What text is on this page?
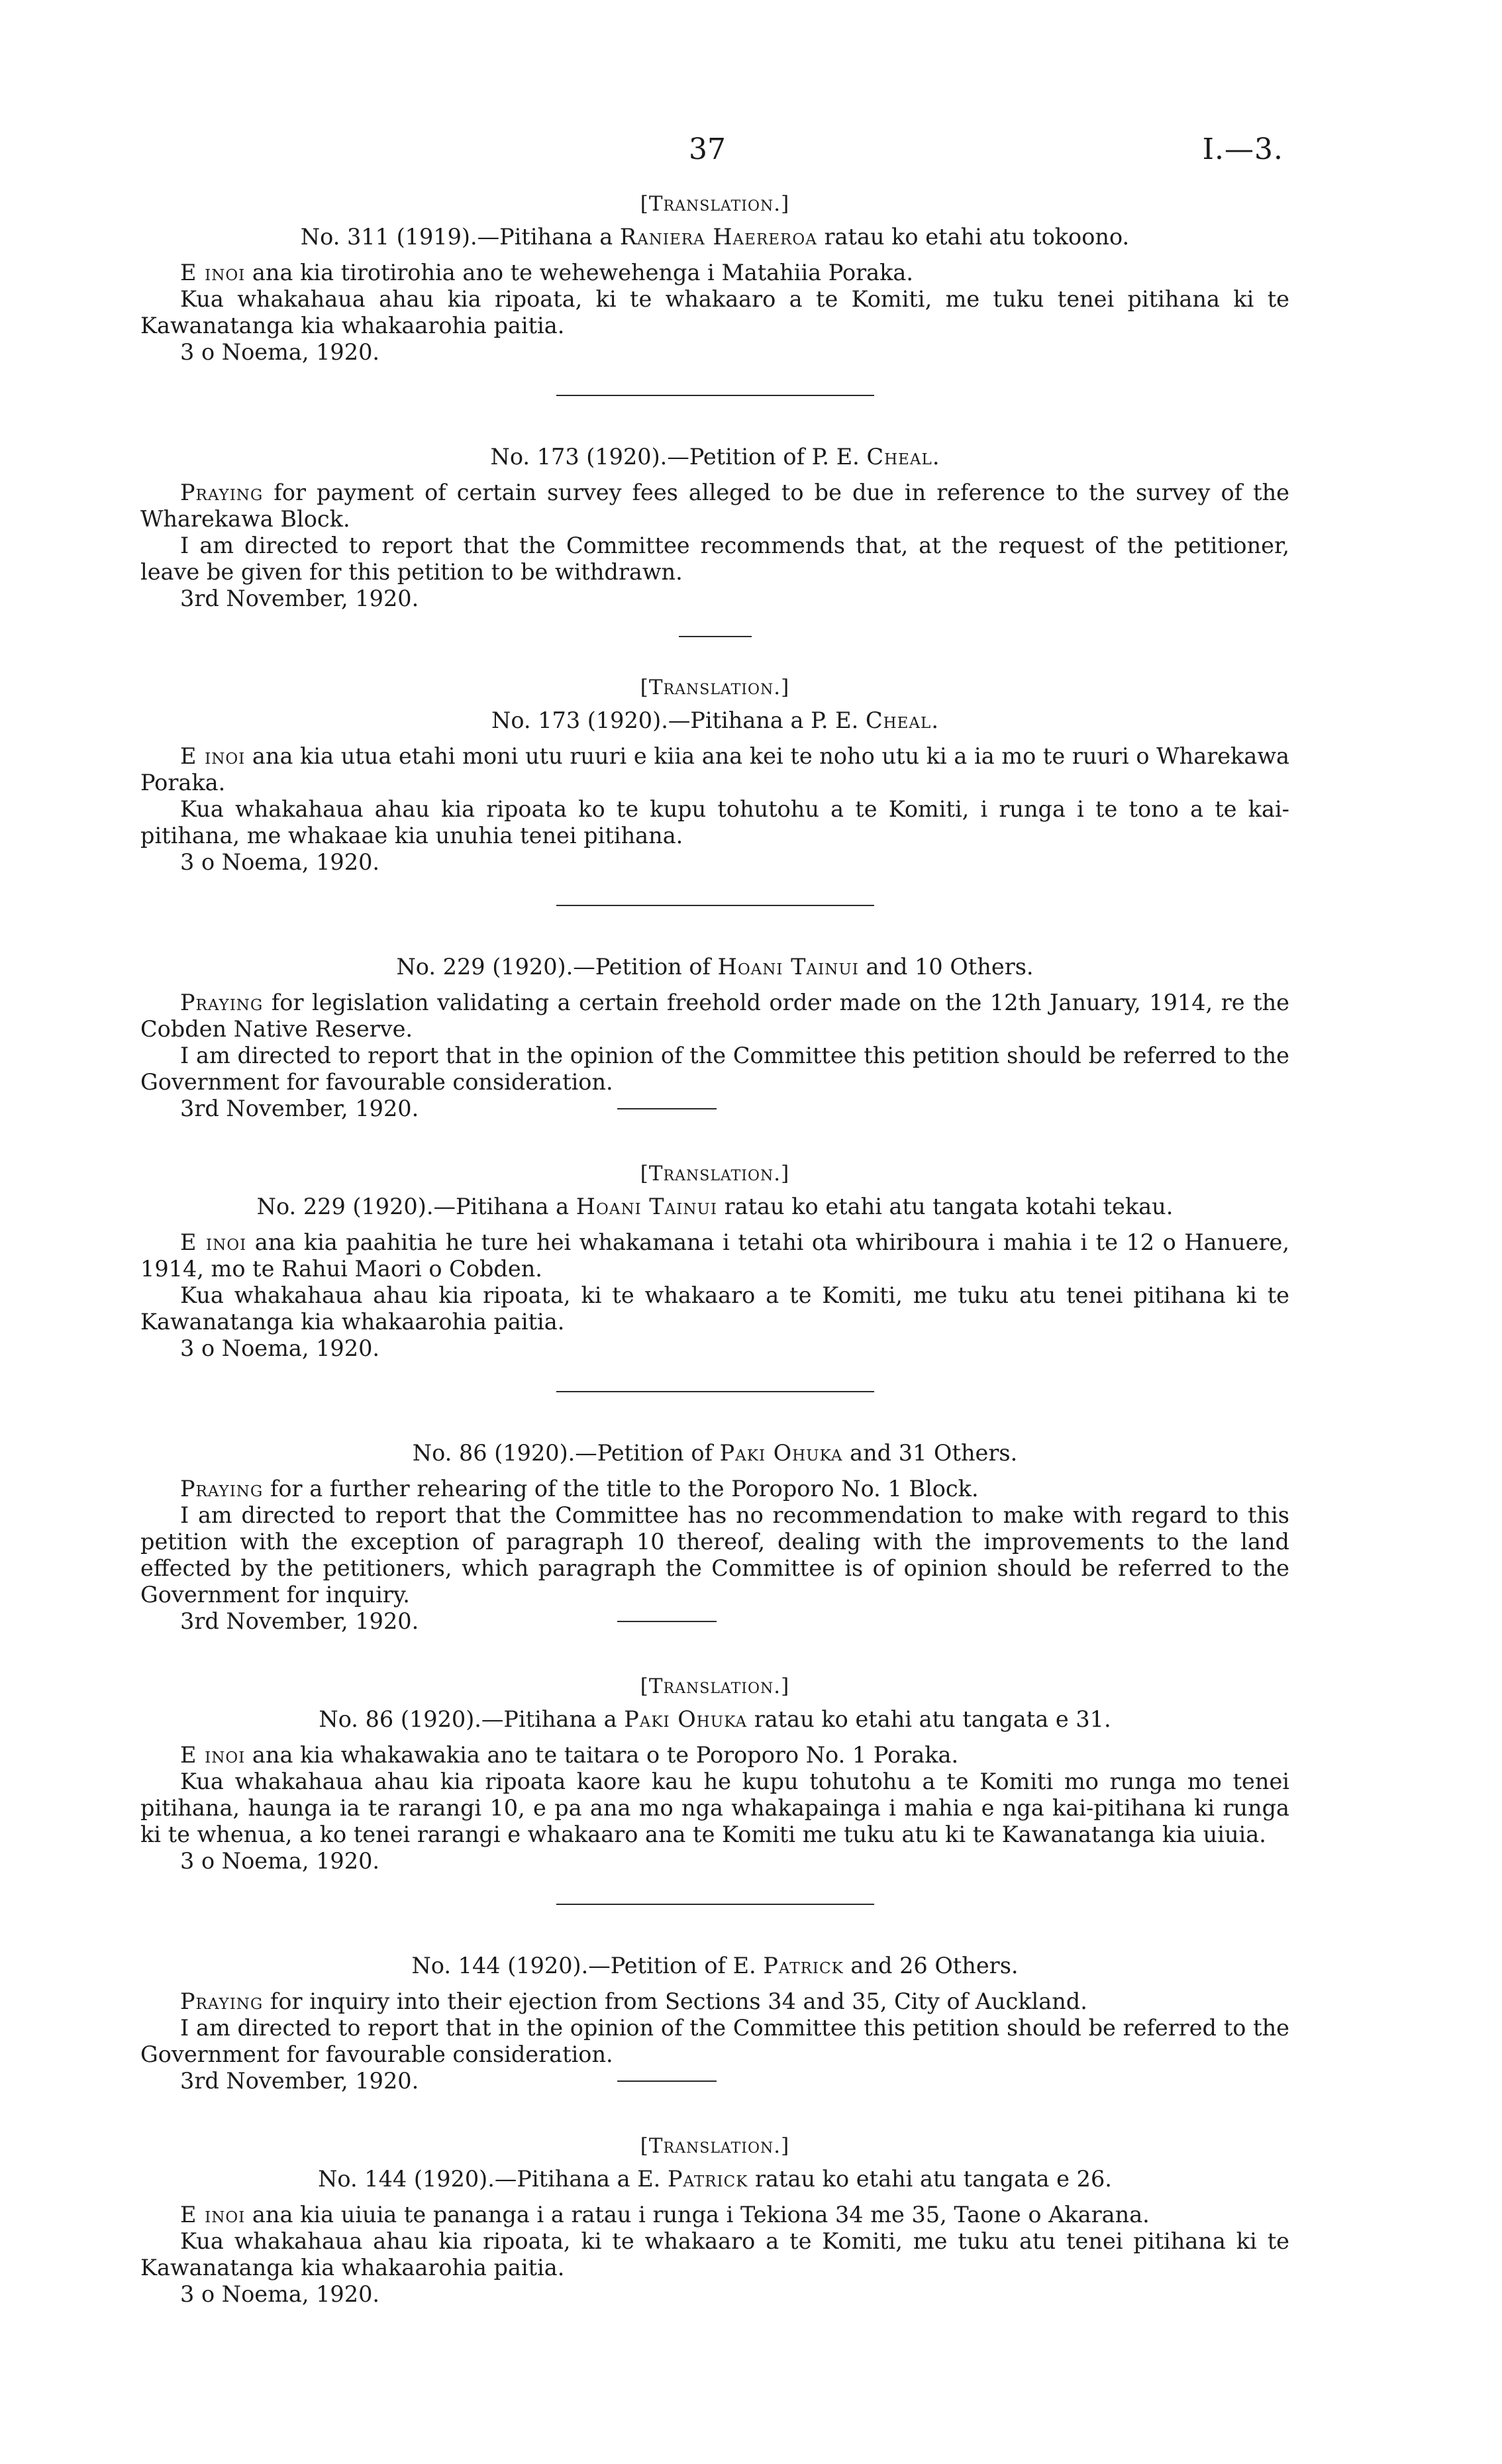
37	I.—3.

[Translation.]

No. 311 (1919).—Pitihana a Raniera Haereroa ratau ko etahi atu tokoono.

E inoi ana kia tirotirohia ano te wehewehenga i Matahiia Poraka.

Kua whakahaua ahau kia ripoata, ki te whakaaro a te Komiti, me tuku tenei pitihana ki te Kawanatanga kia whakaarohia paitia.

3 o Noema, 1920.

No. 173 (1920).—Petition of P. E. Cheal.

Praying for payment of certain survey fees alleged to be due in reference to the survey of the Wharekawa Block.

I am directed to report that the Committee recommends that, at the request of the petitioner, leave be given for this petition to be withdrawn.

3rd November, 1920.

[Translation.]

No. 173 (1920).—Pitihana a P. E. Cheal.

E inoi ana kia utua etahi moni utu ruuri e kiia ana kei te noho utu ki a ia mo te ruuri o Wharekawa Poraka.

Kua whakahaua ahau kia ripoata ko te kupu tohutohu a te Komiti, i runga i te tono a te kai-pitihana, me whakaae kia unuhia tenei pitihana.

3 o Noema, 1920.

No. 229 (1920).—Petition of Hoani Tainui and 10 Others.

Praying for legislation validating a certain freehold order made on the 12th January, 1914, re the Cobden Native Reserve.

I am directed to report that in the opinion of the Committee this petition should be referred to the Government for favourable consideration.

3rd November, 1920.

[Translation.]

No. 229 (1920).—Pitihana a Hoani Tainui ratau ko etahi atu tangata kotahi tekau.

E inoi ana kia paahitia he ture hei whakamana i tetahi ota whiriboura i mahia i te 12 o Hanuere, 1914, mo te Rahui Maori o Cobden.

Kua whakahaua ahau kia ripoata, ki te whakaaro a te Komiti, me tuku atu tenei pitihana ki te Kawanatanga kia whakaarohia paitia.

3 o Noema, 1920.

No. 86 (1920).—Petition of Paki Ohuka and 31 Others.

Praying for a further rehearing of the title to the Poroporo No. 1 Block.

I am directed to report that the Committee has no recommendation to make with regard to this petition with the exception of paragraph 10 thereof, dealing with the improvements to the land effected by the petitioners, which paragraph the Committee is of opinion should be referred to the Government for inquiry.

3rd November, 1920.

[Translation.]

No. 86 (1920).—Pitihana a Paki Ohuka ratau ko etahi atu tangata e 31.

E inoi ana kia whakawakia ano te taitara o te Poroporo No. 1 Poraka.

Kua whakahaua ahau kia ripoata kaore kau he kupu tohutohu a te Komiti mo runga mo tenei pitihana, haunga ia te rarangi 10, e pa ana mo nga whakapainga i mahia e nga kai-pitihana ki runga ki te whenua, a ko tenei rarangi e whakaaro ana te Komiti me tuku atu ki te Kawanatanga kia uiuia.

3 o Noema, 1920.

No. 144 (1920).—Petition of E. Patrick and 26 Others.

Praying for inquiry into their ejection from Sections 34 and 35, City of Auckland.

I am directed to report that in the opinion of the Committee this petition should be referred to the Government for favourable consideration.

3rd November, 1920.

[Translation.]

No. 144 (1920).—Pitihana a E. Patrick ratau ko etahi atu tangata e 26.

E inoi ana kia uiuia te pananga i a ratau i runga i Tekiona 34 me 35, Taone o Akarana.

Kua whakahaua ahau kia ripoata, ki te whakaaro a te Komiti, me tuku atu tenei pitihana ki te Kawanatanga kia whakaarohia paitia.

3 o Noema, 1920.
